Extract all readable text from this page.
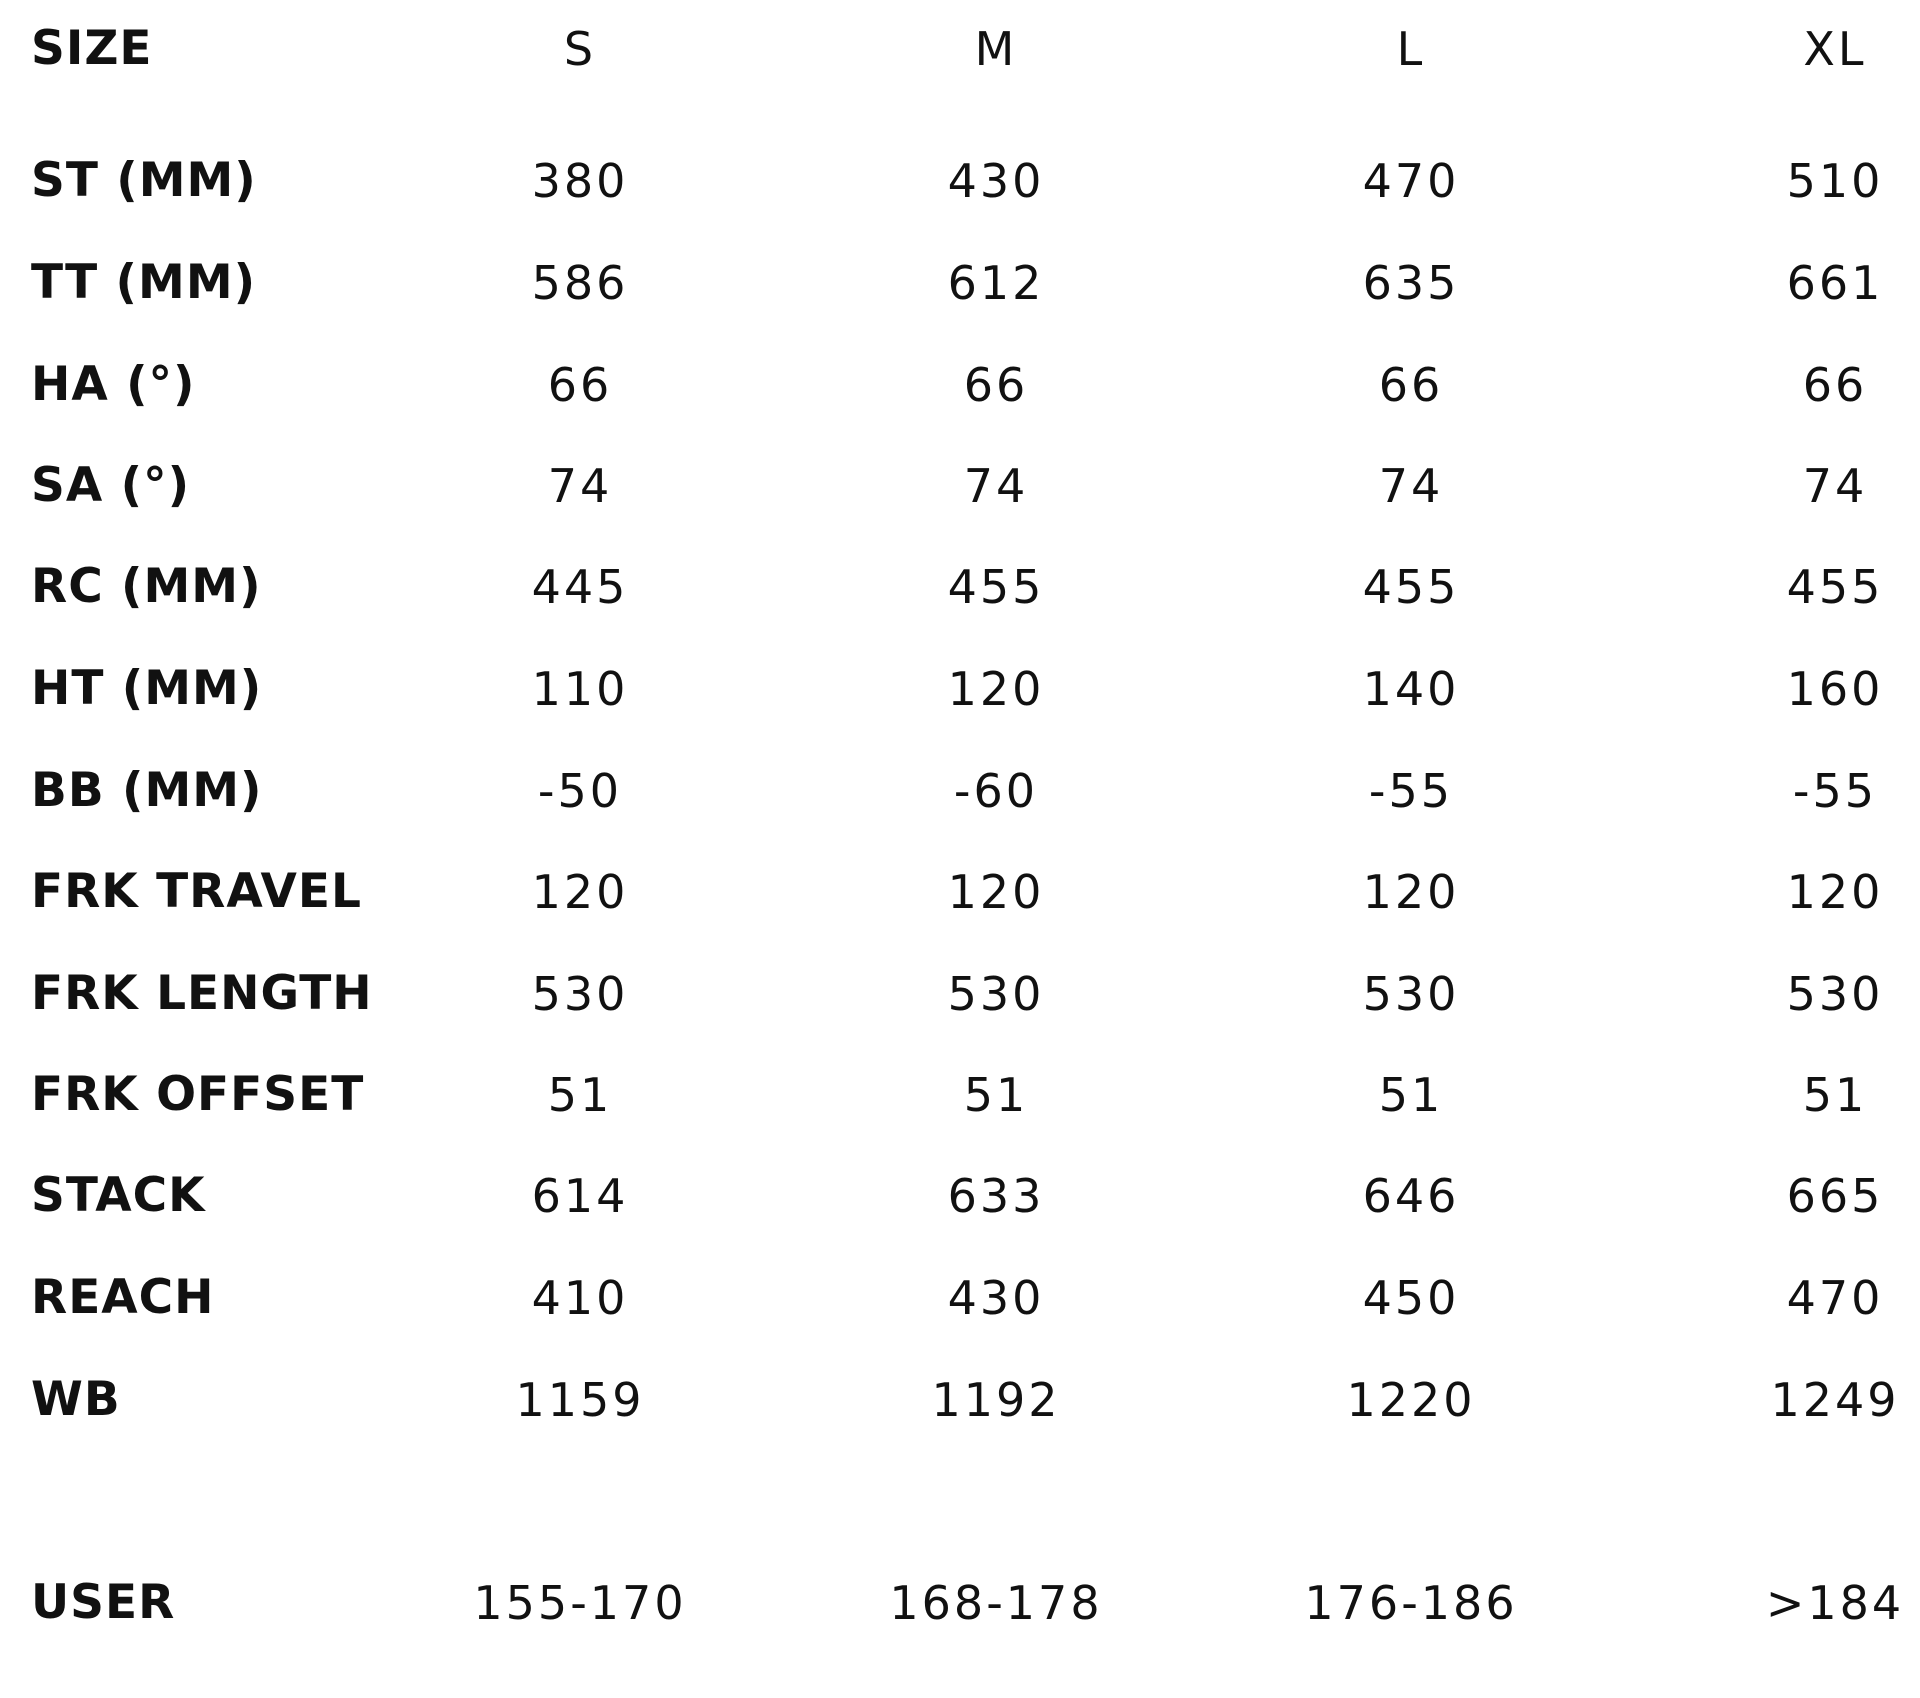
SIZE	S	M	L	XL
ST (MM)	380	430	470	510
TT (MM)	586	612	635	661
HA (°)	66	66	66	66
SA (°)	74	74	74	74
RC (MM)	445	455	455	455
HT (MM)	110	120	140	160
BB (MM)	-50	-60	-55	-55
FRK TRAVEL	120	120	120	120
FRK LENGTH	530	530	530	530
FRK OFFSET	51	51	51	51
STACK	614	633	646	665
REACH	410	430	450	470
WB	1159	1192	1220	1249
USER	155-170	168-178	176-186	>184
